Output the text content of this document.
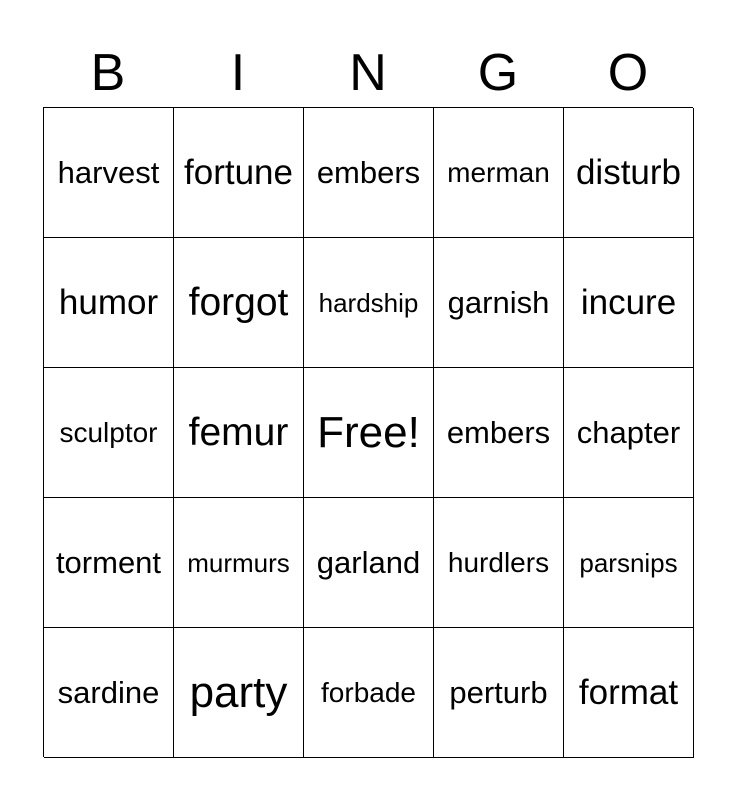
B	I	N	G	O
harvest fortune embers merman disturb
humor forgot	hardship garnish incure
sculptor femur Free! embers chapter
torment	murmurs garland hurdlers	parsnips
sardine party	forbade	perturb format
